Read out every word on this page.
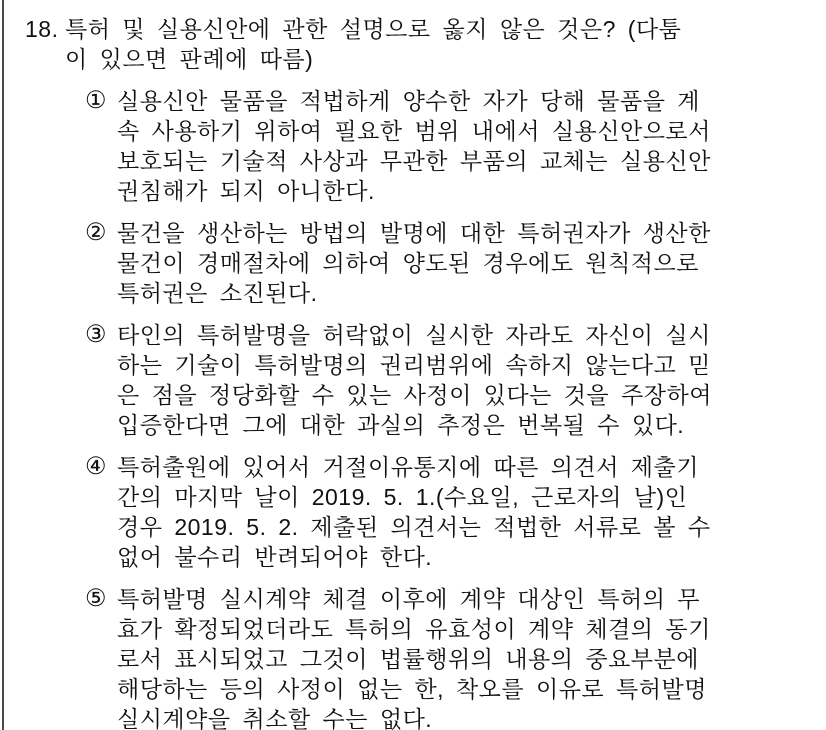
18. 특허 및 실용신안에 관한 설명으로 옳지 않은 것은? (다툼
이 있으면 판례에 따름)
① 실용신안 물품을 적법하게 양수한 자가 당해 물품을 계
속 사용하기 위하여 필요한 범위 내에서 실용신안으로서
보호되는 기술적 사상과 무관한 부품의 교체는 실용신안
권침해가 되지 아니한다.
② 물건을 생산하는 방법의 발명에 대한 특허권자가 생산한
물건이 경매절차에 의하여 양도된 경우에도 원칙적으로
특허권은 소진된다.
③ 타인의 특허발명을 허락없이 실시한 자라도 자신이 실시
하는 기술이 특허발명의 권리범위에 속하지 않는다고 믿
은 점을 정당화할 수 있는 사정이 있다는 것을 주장하여
입증한다면 그에 대한 과실의 추정은 번복될 수 있다.
④ 특허출원에 있어서 거절이유통지에 따른 의견서 제출기
간의 마지막 날이 2019. 5. 1.(수요일, 근로자의 날)인
경우 2019. 5. 2. 제출된 의견서는 적법한 서류로 볼 수
없어 불수리 반려되어야 한다.
⑤ 특허발명 실시계약 체결 이후에 계약 대상인 특허의 무
효가 확정되었더라도 특허의 유효성이 계약 체결의 동기
로서 표시되었고 그것이 법률행위의 내용의 중요부분에
해당하는 등의 사정이 없는 한, 착오를 이유로 특허발명
실시계약을 취소할 수는 없다.
